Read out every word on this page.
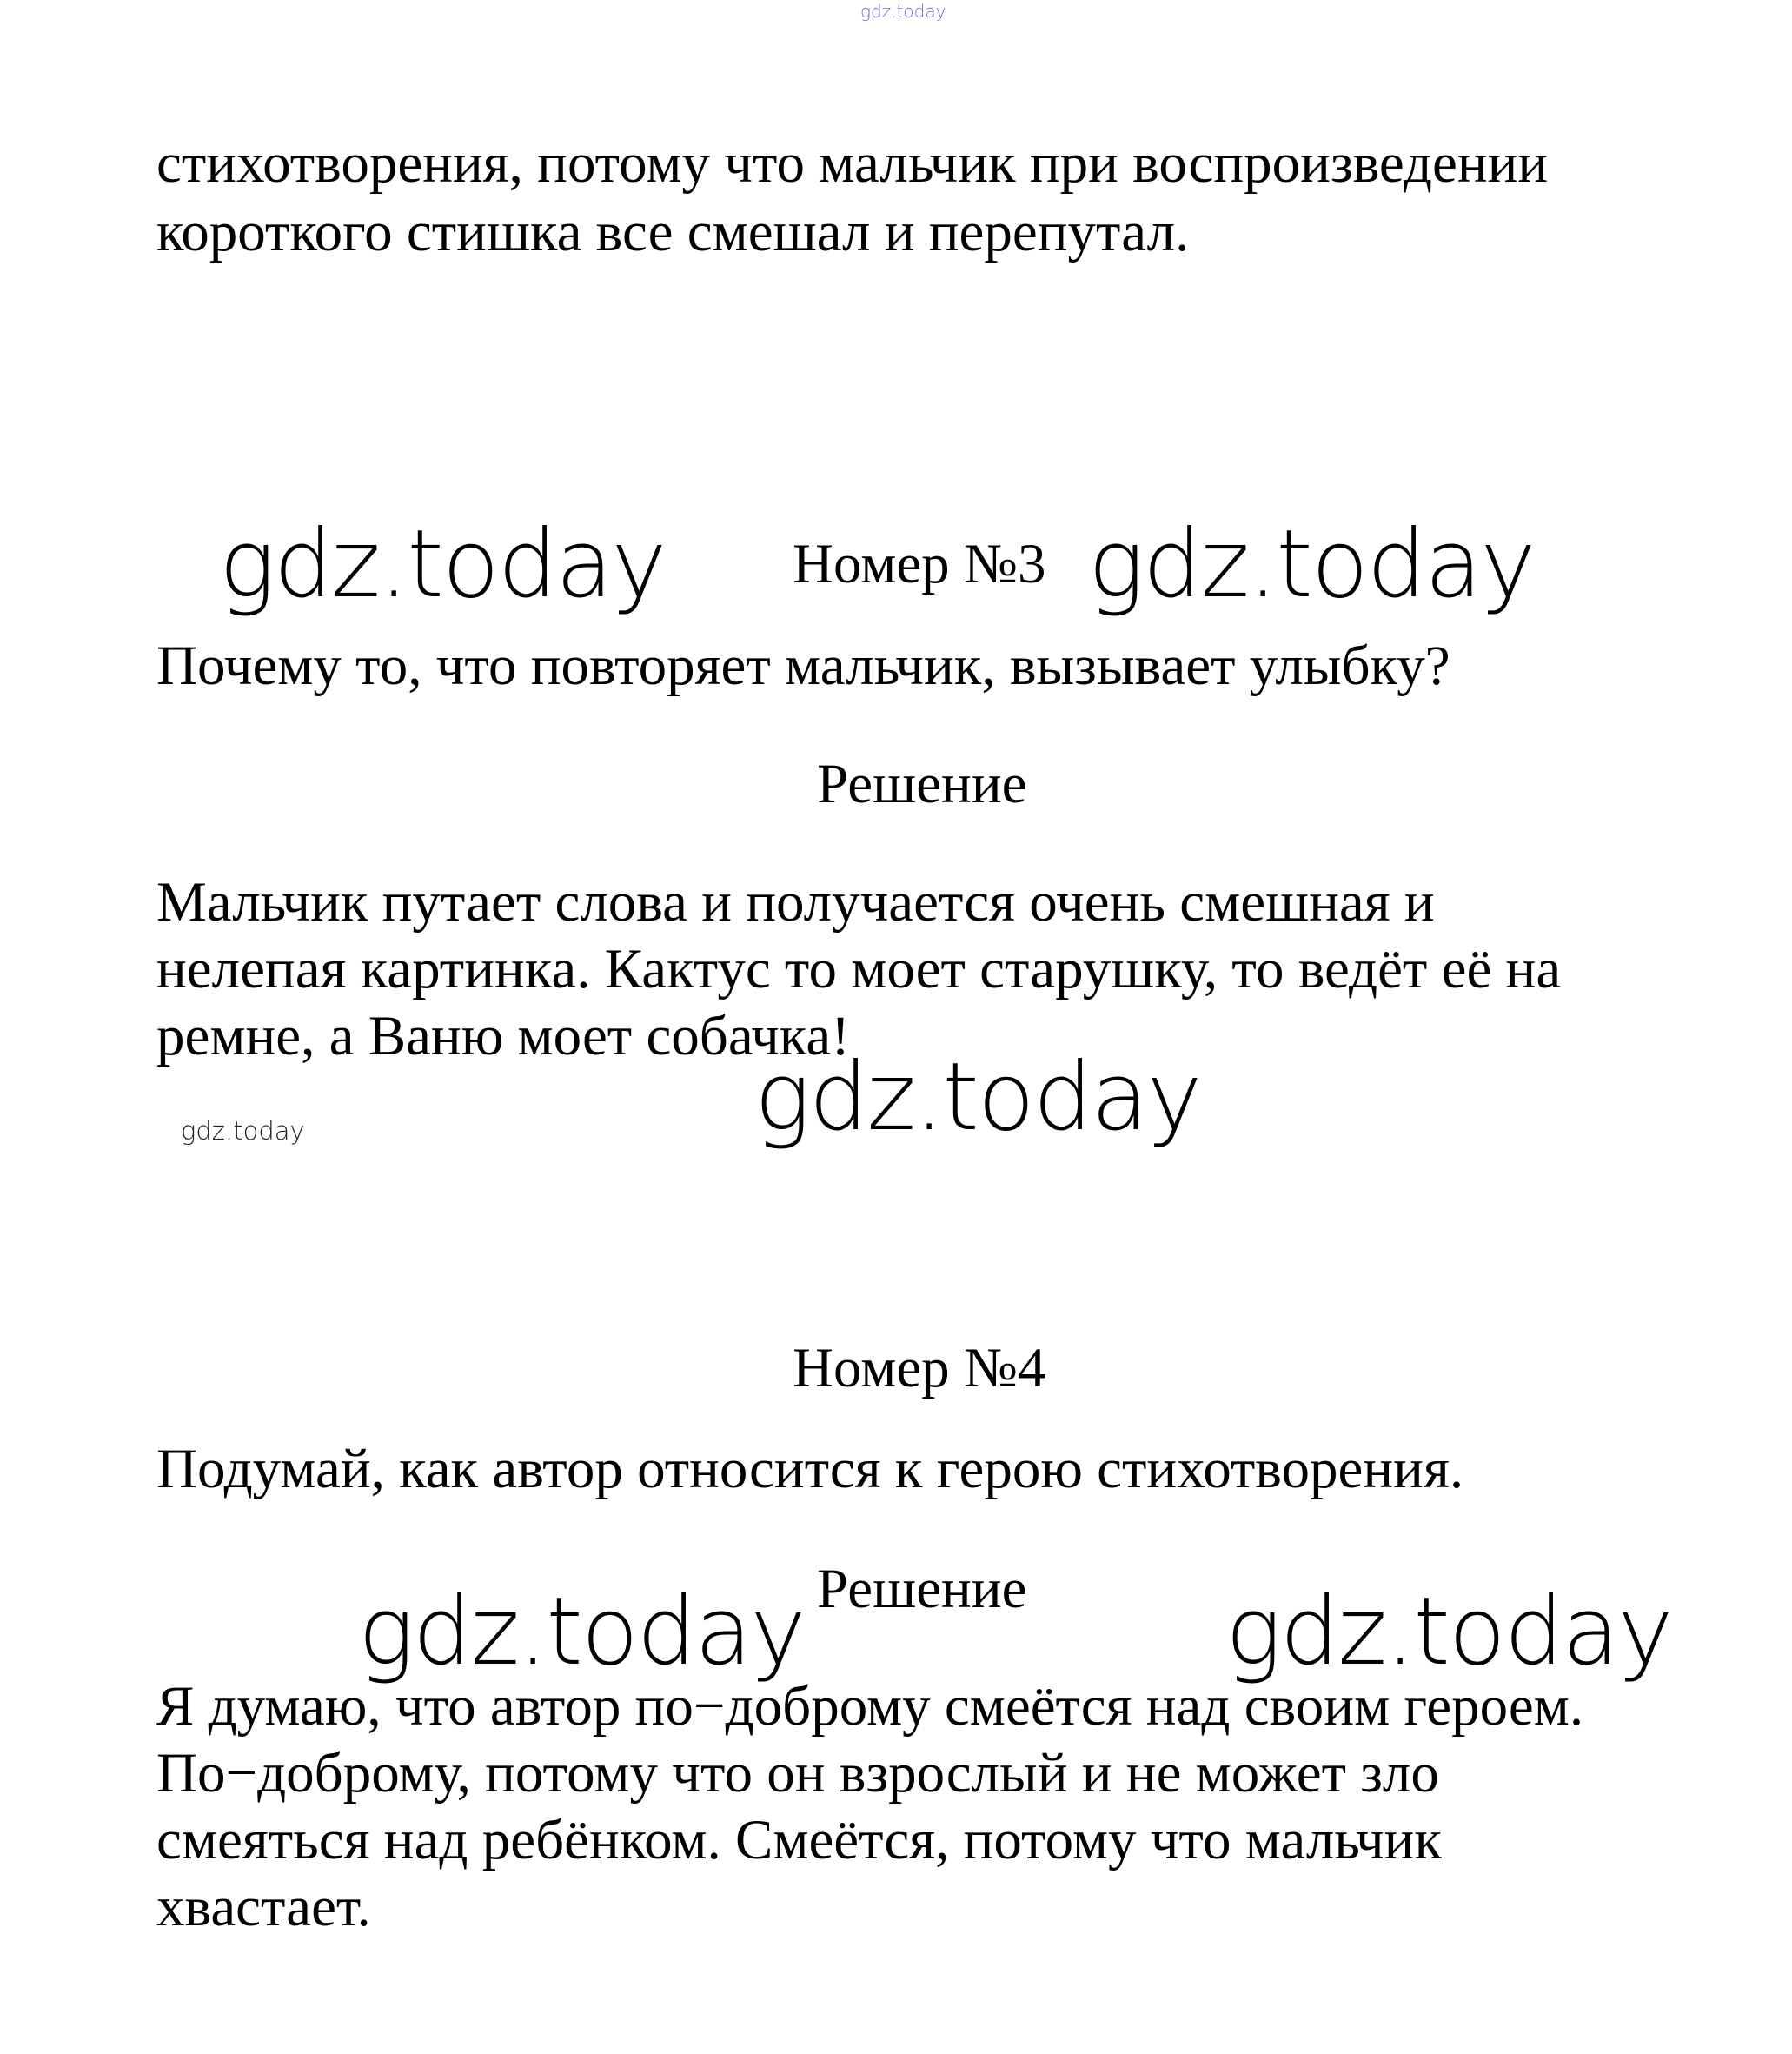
gdz.today

стихотворения, потому что мальчик при воспроизведении

короткого стишка все смешал и перепутал.

gdz.today Номер №3 gdz.today

Почему то, что повторяет мальчик, вызывает улыбку?

Решение

Мальчик путает слова и получается очень смешная и

нелепая картинка. Кактус то моет старушку, то ведёт её на

ремне, а Ваню моет собачка!

gdz.today
gdz.today

Номер №4

Подумай, как автор относится к герою стихотворения.

Решение

gdz.today	gdz.today

Я думаю, что автор по−доброму смеётся над своим героем.

По−доброму, потому что он взрослый и не может зло

смеяться над ребёнком. Смеётся, потому что мальчик

хвастает.
